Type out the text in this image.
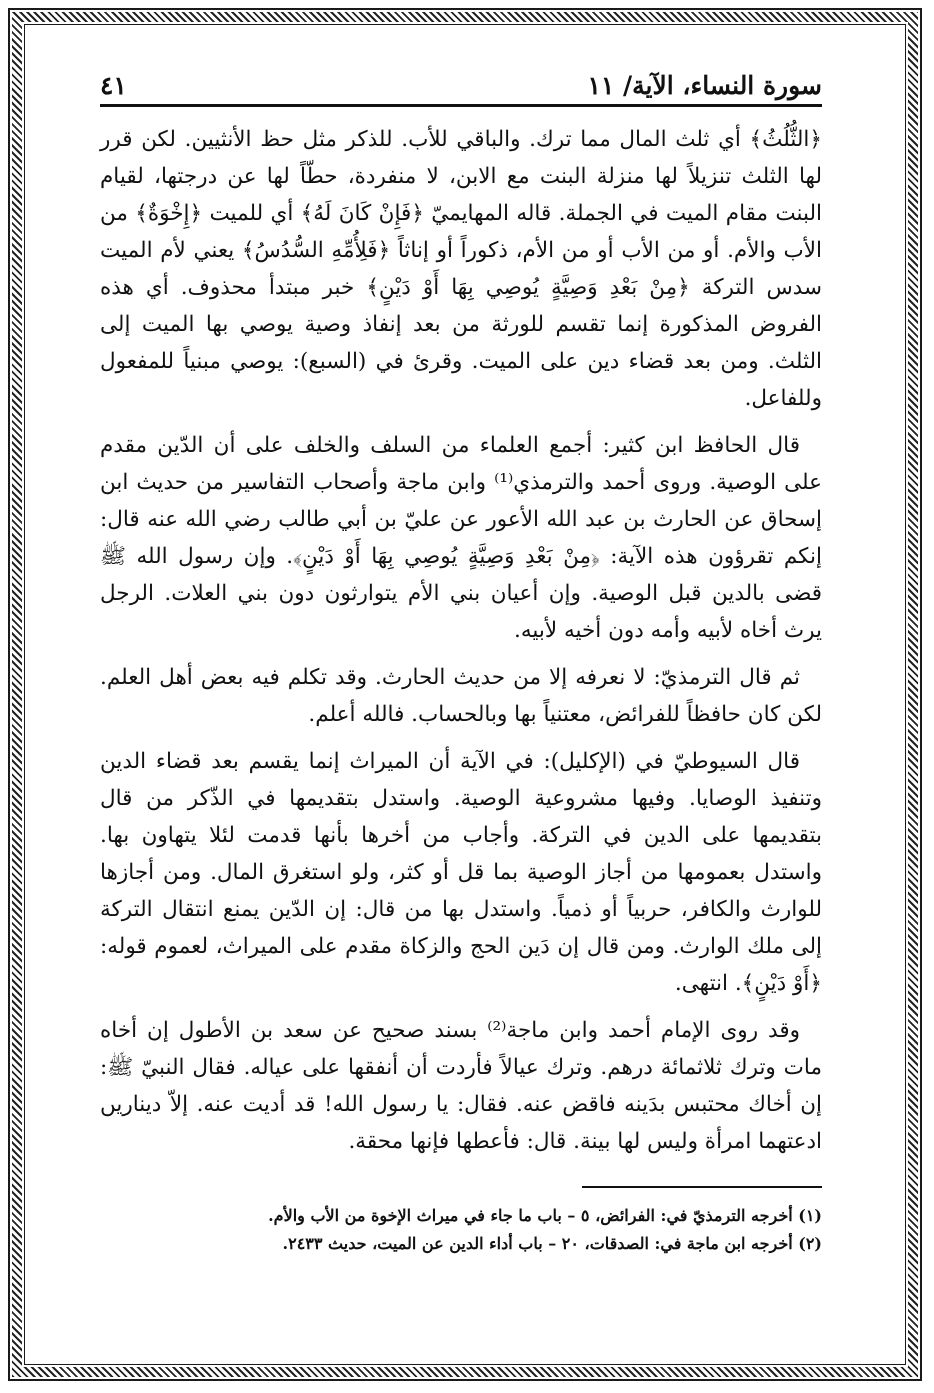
سورة النساء، الآية/ ١١
٤١

﴿الثُّلُثُ﴾ أي ثلث المال مما ترك. والباقي للأب. للذكر مثل حظ الأنثيين. لكن قرر لها الثلث تنزيلاً لها منزلة البنت مع الابن، لا منفردة، حطّاً لها عن درجتها، لقيام البنت مقام الميت في الجملة. قاله المهايميّ ﴿فَإِنْ كَانَ لَهُ﴾ أي للميت ﴿إِخْوَةٌ﴾ من الأب والأم. أو من الأب أو من الأم، ذكوراً أو إناثاً ﴿فَلِأُمِّهِ السُّدُسُ﴾ يعني لأم الميت سدس التركة ﴿مِنْ بَعْدِ وَصِيَّةٍ يُوصِي بِهَا أَوْ دَيْنٍ﴾ خبر مبتدأ محذوف. أي هذه الفروض المذكورة إنما تقسم للورثة من بعد إنفاذ وصية يوصي بها الميت إلى الثلث. ومن بعد قضاء دين على الميت. وقرئ في (السبع): يوصي مبنياً للمفعول وللفاعل.

قال الحافظ ابن كثير: أجمع العلماء من السلف والخلف على أن الدّين مقدم على الوصية. وروى أحمد والترمذي⁽¹⁾ وابن ماجة وأصحاب التفاسير من حديث ابن إسحاق عن الحارث بن عبد الله الأعور عن عليّ بن أبي طالب رضي الله عنه قال: إنكم تقرؤون هذه الآية: ﴿مِنْ بَعْدِ وَصِيَّةٍ يُوصِي بِهَا أَوْ دَيْنٍ﴾. وإن رسول الله ﷺ قضى بالدين قبل الوصية. وإن أعيان بني الأم يتوارثون دون بني العلات. الرجل يرث أخاه لأبيه وأمه دون أخيه لأبيه.

ثم قال الترمذيّ: لا نعرفه إلا من حديث الحارث. وقد تكلم فيه بعض أهل العلم. لكن كان حافظاً للفرائض، معتنياً بها وبالحساب. فالله أعلم.

قال السيوطيّ في (الإكليل): في الآية أن الميراث إنما يقسم بعد قضاء الدين وتنفيذ الوصايا. وفيها مشروعية الوصية. واستدل بتقديمها في الذّكر من قال بتقديمها على الدين في التركة. وأجاب من أخرها بأنها قدمت لئلا يتهاون بها. واستدل بعمومها من أجاز الوصية بما قل أو كثر، ولو استغرق المال. ومن أجازها للوارث والكافر، حربياً أو ذمياً. واستدل بها من قال: إن الدّين يمنع انتقال التركة إلى ملك الوارث. ومن قال إن دَين الحج والزكاة مقدم على الميراث، لعموم قوله: ﴿أَوْ دَيْنٍ﴾. انتهى.

وقد روى الإمام أحمد وابن ماجة⁽²⁾ بسند صحيح عن سعد بن الأطول إن أخاه مات وترك ثلاثمائة درهم. وترك عيالاً فأردت أن أنفقها على عياله. فقال النبيّ ﷺ: إن أخاك محتبس بدَينه فاقض عنه. فقال: يا رسول الله! قد أديت عنه. إلاّ ديناريں ادعتهما امرأة وليس لها بينة. قال: فأعطها فإنها محقة.

(١) أخرجه الترمذيّ في: الفرائض، ٥ – باب ما جاء في ميراث الإخوة من الأب والأم.

(٢) أخرجه ابن ماجة في: الصدقات، ٢٠ – باب أداء الدين عن الميت، حديث ٢٤٣٣.
